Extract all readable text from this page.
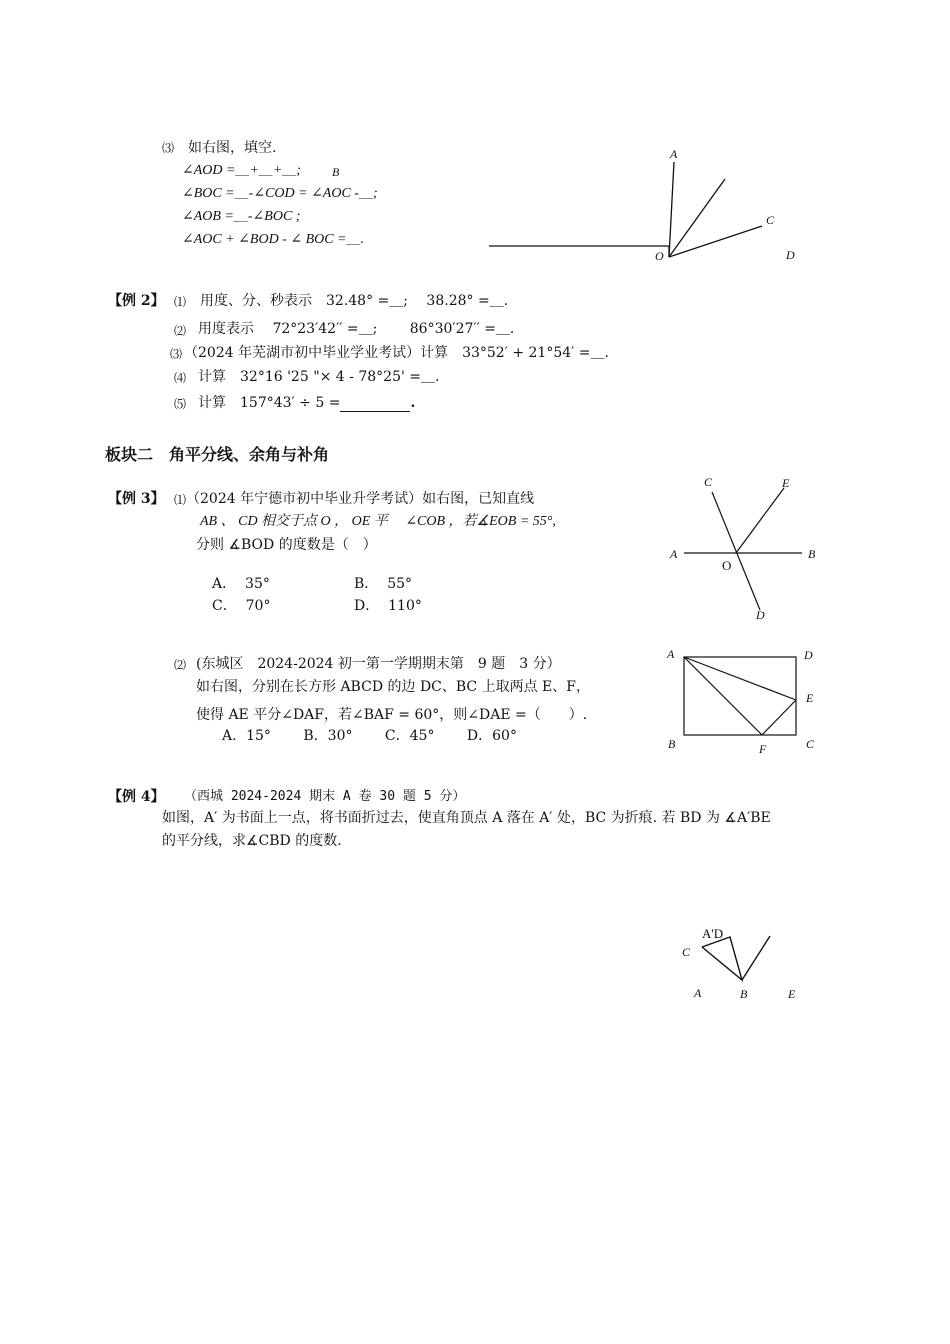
⑶ 如右图，填空.
∠AOD =＿+＿+＿;	B
∠BOC =＿-∠COD = ∠AOC -＿;
∠AOB =＿-∠BOC ;
∠AOC + ∠BOD - ∠ BOC =＿.
A
C
O	D
【例 2】 ⑴ 用度、分、秒表示　32.48° =＿;　 38.28° =＿.
⑵ 用度表示　 72°23′42′′ =＿;　　 86°30′27′′ =＿.
⑶ （2024 年芜湖市初中毕业学业考试）计算　33°52′ + 21°54′ =＿.
⑷ 计算　32°16 '25 "× 4 - 78°25' =＿.
⑸ 计算　157°43′ ÷ 5 =	.
板块二　角平分线、余角与补角
【例 3】 ⑴ （2024 年宁德市初中毕业升学考试）如右图，已知直线
AB 、 CD 相交于点 O ， OE 平　 ∠COB ，若∡EOB = 55°,
分则 ∡BOD 的度数是（　）
A． 35°	B． 55°
C． 70°	D． 110°
C	E
A	B
O
D
⑵ (东城区　2024-2024 初一第一学期期末第　9 题　3 分）
如右图，分别在长方形 ABCD 的边 DC、BC 上取两点 E、F，
使得 AE 平分∠DAF，若∠BAF = 60°，则∠DAE =（　　）.
A．15°　　 B．30°　　 C．45°　　 D．60°
A	D
E
B	F	C
【例 4】 （西城 2024-2024 期末 A 卷 30 题 5 分）
如图，A′ 为书面上一点，将书面折过去，使直角顶点 A 落在 A′ 处，BC 为折痕. 若 BD 为 ∡A′BE
的平分线，求∡CBD 的度数.
A'D
C
A	B	E
